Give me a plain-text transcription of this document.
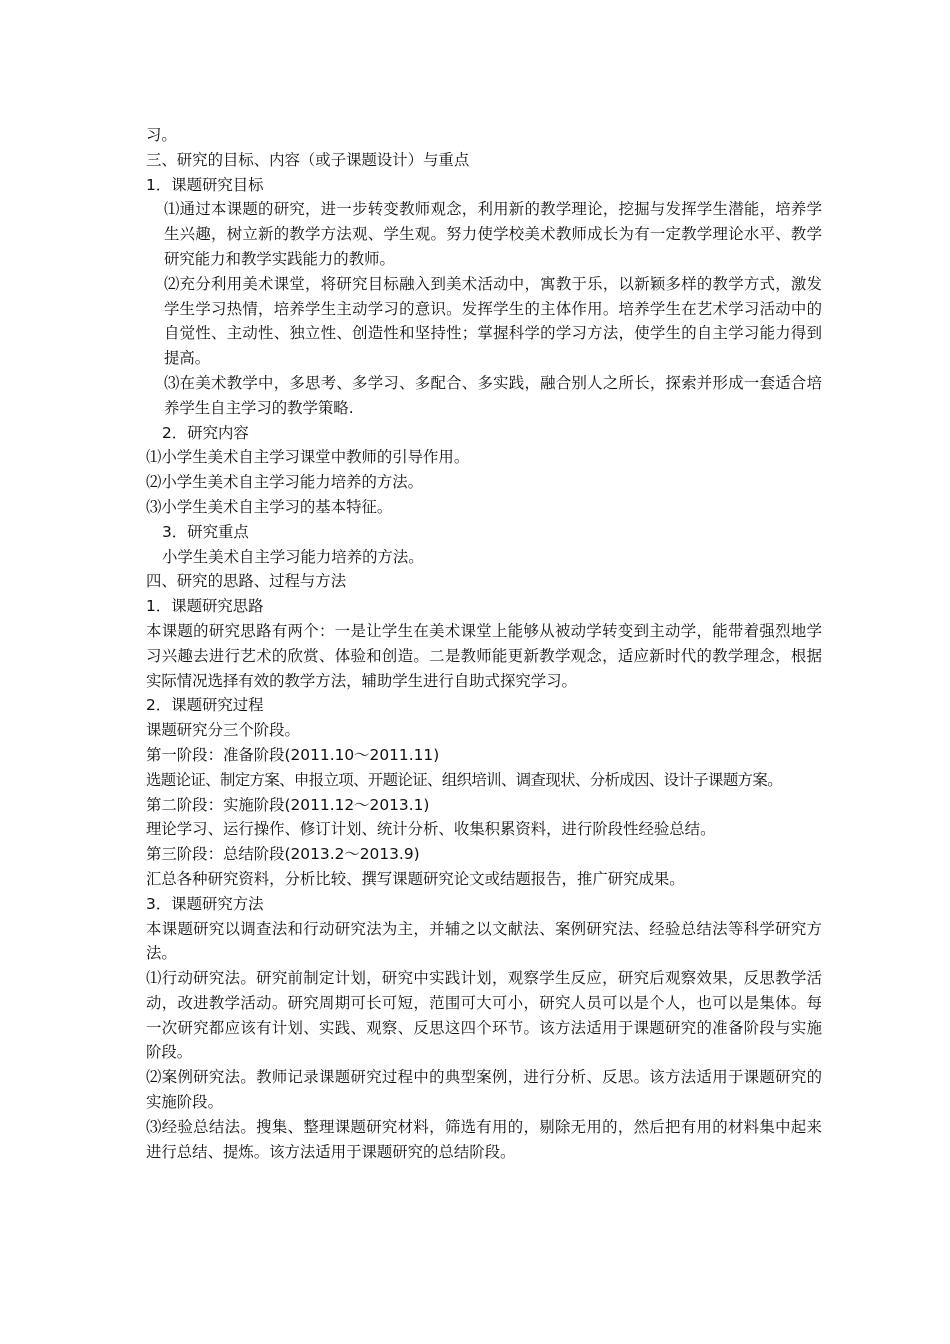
习。

三、研究的目标、内容（或子课题设计）与重点

1．课题研究目标

⑴通过本课题的研究，进一步转变教师观念，利用新的教学理论，挖掘与发挥学生潜能，培养学生兴趣，树立新的教学方法观、学生观。努力使学校美术教师成长为有一定教学理论水平、教学研究能力和教学实践能力的教师。

⑵充分利用美术课堂，将研究目标融入到美术活动中，寓教于乐，以新颖多样的教学方式，激发学生学习热情，培养学生主动学习的意识。发挥学生的主体作用。培养学生在艺术学习活动中的自觉性、主动性、独立性、创造性和坚持性；掌握科学的学习方法，使学生的自主学习能力得到提高。

⑶在美术教学中，多思考、多学习、多配合、多实践，融合别人之所长，探索并形成一套适合培养学生自主学习的教学策略.

2．研究内容

⑴小学生美术自主学习课堂中教师的引导作用。

⑵小学生美术自主学习能力培养的方法。

⑶小学生美术自主学习的基本特征。

3．研究重点

小学生美术自主学习能力培养的方法。

四、研究的思路、过程与方法

1．课题研究思路

本课题的研究思路有两个：一是让学生在美术课堂上能够从被动学转变到主动学，能带着强烈地学习兴趣去进行艺术的欣赏、体验和创造。二是教师能更新教学观念，适应新时代的教学理念，根据实际情况选择有效的教学方法，辅助学生进行自助式探究学习。

2．课题研究过程

课题研究分三个阶段。

第一阶段：准备阶段(2011.10～2011.11)

选题论证、制定方案、申报立项、开题论证、组织培训、调查现状、分析成因、设计子课题方案。

第二阶段：实施阶段(2011.12～2013.1)

理论学习、运行操作、修订计划、统计分析、收集积累资料，进行阶段性经验总结。

第三阶段：总结阶段(2013.2～2013.9)

汇总各种研究资料，分析比较、撰写课题研究论文或结题报告，推广研究成果。

3．课题研究方法

本课题研究以调查法和行动研究法为主，并辅之以文献法、案例研究法、经验总结法等科学研究方法。

⑴行动研究法。研究前制定计划，研究中实践计划，观察学生反应，研究后观察效果，反思教学活动，改进教学活动。研究周期可长可短，范围可大可小，研究人员可以是个人，也可以是集体。每一次研究都应该有计划、实践、观察、反思这四个环节。该方法适用于课题研究的准备阶段与实施阶段。

⑵案例研究法。教师记录课题研究过程中的典型案例，进行分析、反思。该方法适用于课题研究的实施阶段。

⑶经验总结法。搜集、整理课题研究材料，筛选有用的，剔除无用的，然后把有用的材料集中起来进行总结、提炼。该方法适用于课题研究的总结阶段。
